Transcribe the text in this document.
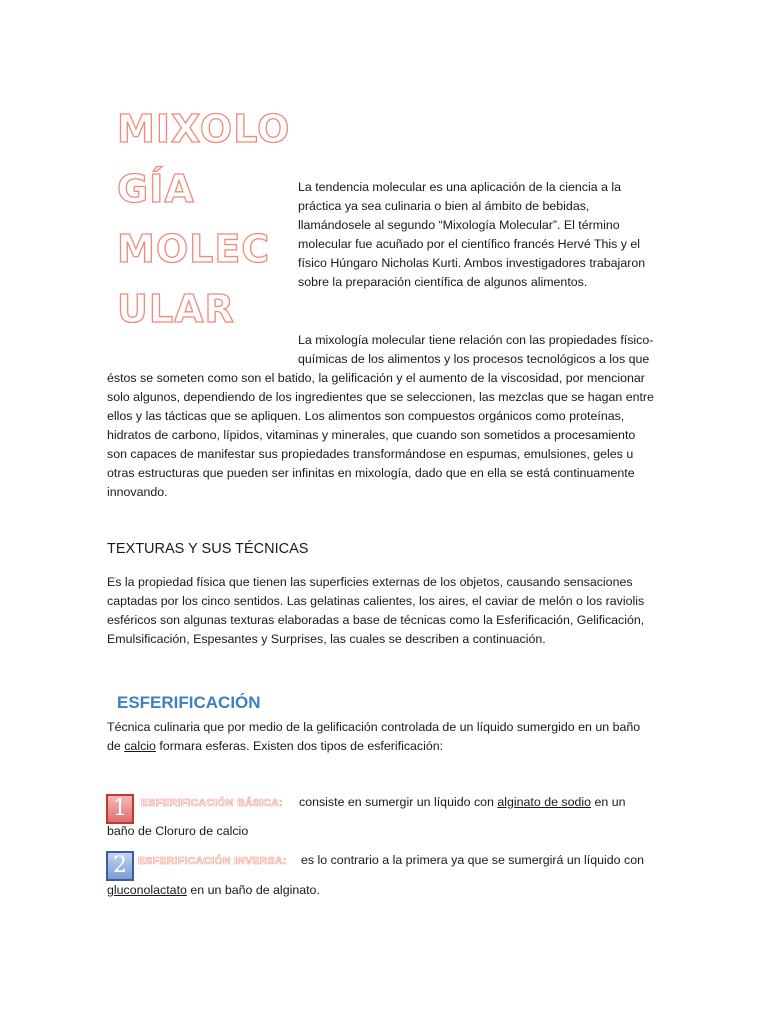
MIXOLO
GÍA
MOLEC
ULAR
La tendencia molecular es una aplicación de la ciencia a la
práctica ya sea culinaria o bien al ámbito de bebidas,
llamándosele al segundo “Mixología Molecular”. El término
molecular fue acuñado por el científico francés Hervé This y el
físico Húngaro Nicholas Kurti. Ambos investigadores trabajaron
sobre la preparación científica de algunos alimentos.
La mixología molecular tiene relación con las propiedades físico-
químicas de los alimentos y los procesos tecnológicos a los que
éstos se someten como son el batido, la gelificación y el aumento de la viscosidad, por mencionar
solo algunos, dependiendo de los ingredientes que se seleccionen, las mezclas que se hagan entre
ellos y las tácticas que se apliquen. Los alimentos son compuestos orgánicos como proteínas,
hidratos de carbono, lípidos, vitaminas y minerales, que cuando son sometidos a procesamiento
son capaces de manifestar sus propiedades transformándose en espumas, emulsiones, geles u
otras estructuras que pueden ser infinitas en mixología, dado que en ella se está continuamente
innovando.
TEXTURAS Y SUS TÉCNICAS
Es la propiedad física que tienen las superficies externas de los objetos, causando sensaciones
captadas por los cinco sentidos. Las gelatinas calientes, los aires, el caviar de melón o los raviolis
esféricos son algunas texturas elaboradas a base de técnicas como la Esferificación, Gelificación,
Emulsificación, Espesantes y Surprises, las cuales se describen a continuación.
ESFERIFICACIÓN
Técnica culinaria que por medio de la gelificación controlada de un líquido sumergido en un baño
de calcio formara esferas. Existen dos tipos de esferificación:
1	ESFERIFICACIÓN BÁSICA: consiste en sumergir un líquido con alginato de sodio en un
baño de Cloruro de calcio
2	ESFERIFICACIÓN INVERSA: es lo contrario a la primera ya que se sumergirá un líquido con
gluconolactato en un baño de alginato.
